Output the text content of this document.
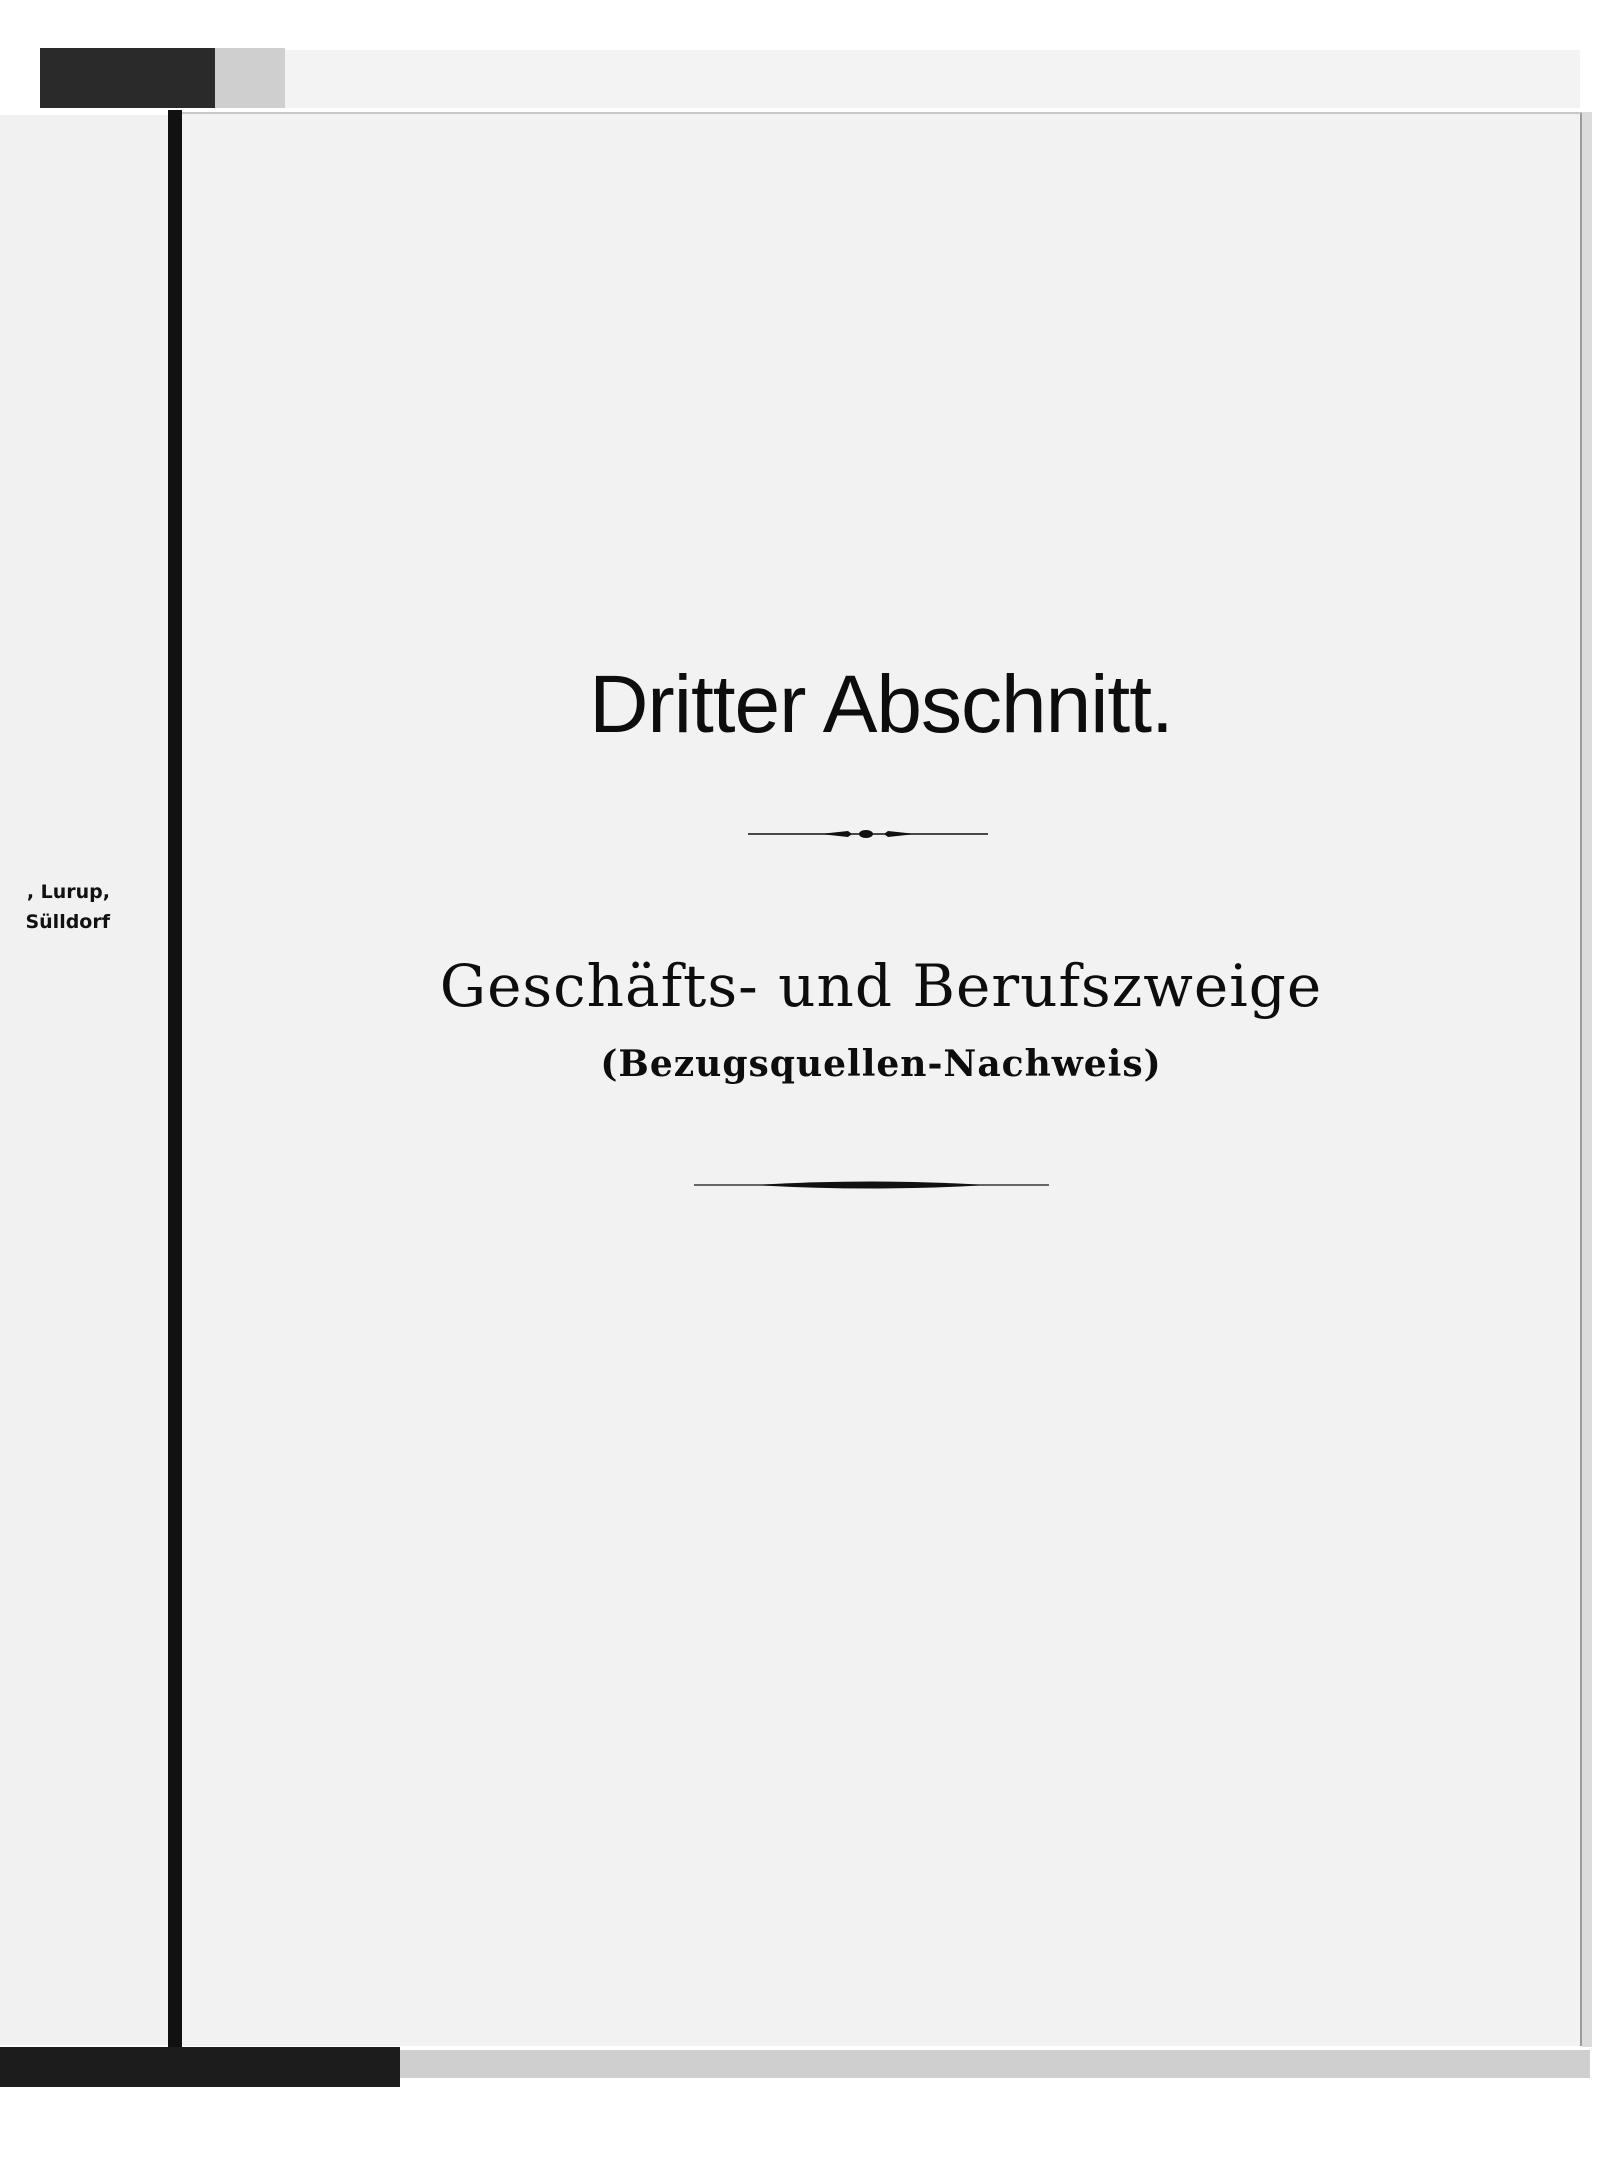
, Lurup,
Sülldorf
Dritter Abschnitt.
Geschäfts- und Berufszweige
(Bezugsquellen-Nachweis)
